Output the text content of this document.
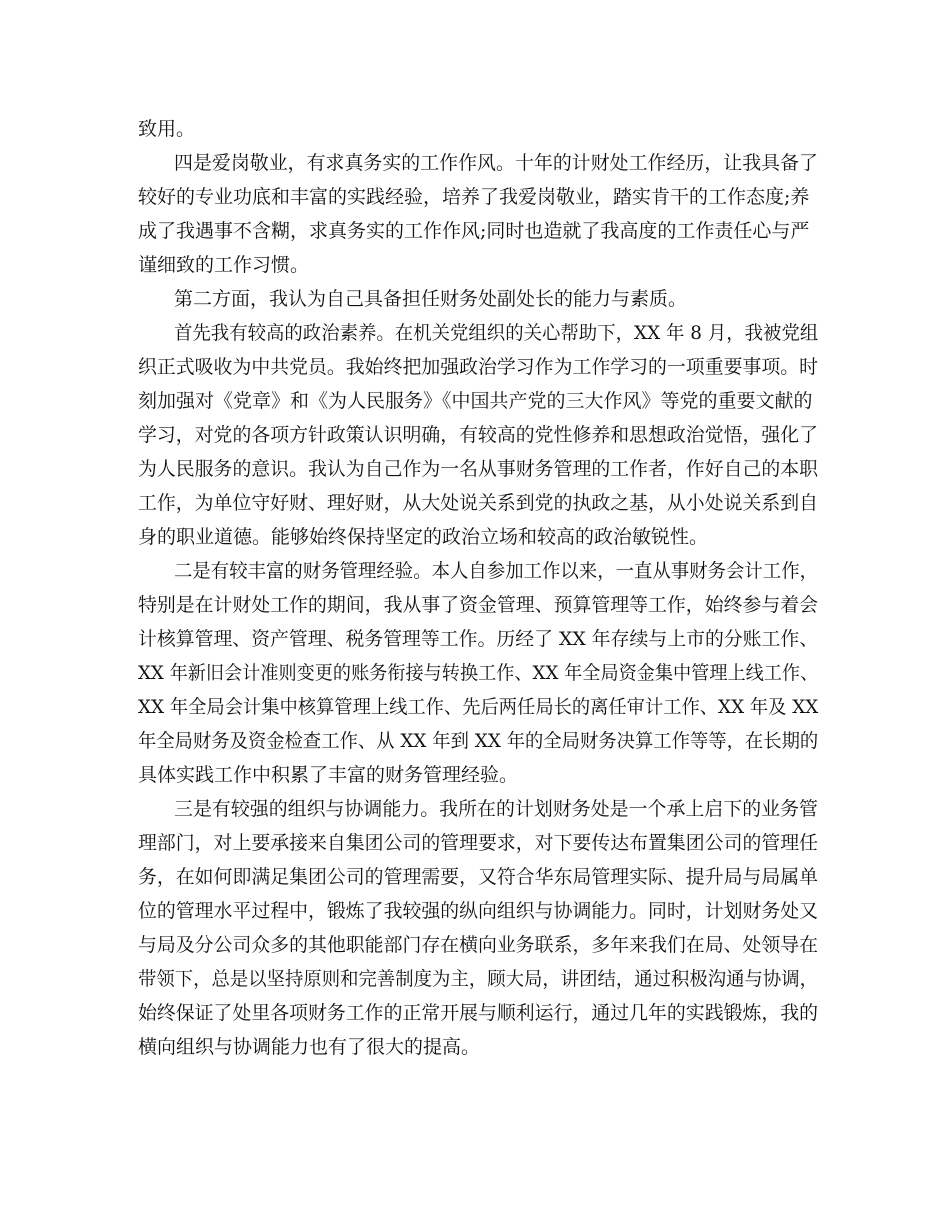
致用。
四是爱岗敬业，有求真务实的工作作风。十年的计财处工作经历，让我具备了
较好的专业功底和丰富的实践经验，培养了我爱岗敬业，踏实肯干的工作态度;养
成了我遇事不含糊，求真务实的工作作风;同时也造就了我高度的工作责任心与严
谨细致的工作习惯。
第二方面，我认为自己具备担任财务处副处长的能力与素质。
首先我有较高的政治素养。在机关党组织的关心帮助下，XX 年 8 月，我被党组
织正式吸收为中共党员。我始终把加强政治学习作为工作学习的一项重要事项。时
刻加强对《党章》和《为人民服务》《中国共产党的三大作风》等党的重要文献的
学习，对党的各项方针政策认识明确，有较高的党性修养和思想政治觉悟，强化了
为人民服务的意识。我认为自己作为一名从事财务管理的工作者，作好自己的本职
工作，为单位守好财、理好财，从大处说关系到党的执政之基，从小处说关系到自
身的职业道德。能够始终保持坚定的政治立场和较高的政治敏锐性。
二是有较丰富的财务管理经验。本人自参加工作以来，一直从事财务会计工作，
特别是在计财处工作的期间，我从事了资金管理、预算管理等工作，始终参与着会
计核算管理、资产管理、税务管理等工作。历经了 XX 年存续与上市的分账工作、
XX 年新旧会计准则变更的账务衔接与转换工作、XX 年全局资金集中管理上线工作、
XX 年全局会计集中核算管理上线工作、先后两任局长的离任审计工作、XX 年及 XX
年全局财务及资金检查工作、从 XX 年到 XX 年的全局财务决算工作等等，在长期的
具体实践工作中积累了丰富的财务管理经验。
三是有较强的组织与协调能力。我所在的计划财务处是一个承上启下的业务管
理部门，对上要承接来自集团公司的管理要求，对下要传达布置集团公司的管理任
务，在如何即满足集团公司的管理需要，又符合华东局管理实际、提升局与局属单
位的管理水平过程中，锻炼了我较强的纵向组织与协调能力。同时，计划财务处又
与局及分公司众多的其他职能部门存在横向业务联系，多年来我们在局、处领导在
带领下，总是以坚持原则和完善制度为主，顾大局，讲团结，通过积极沟通与协调，
始终保证了处里各项财务工作的正常开展与顺利运行，通过几年的实践锻炼，我的
横向组织与协调能力也有了很大的提高。
